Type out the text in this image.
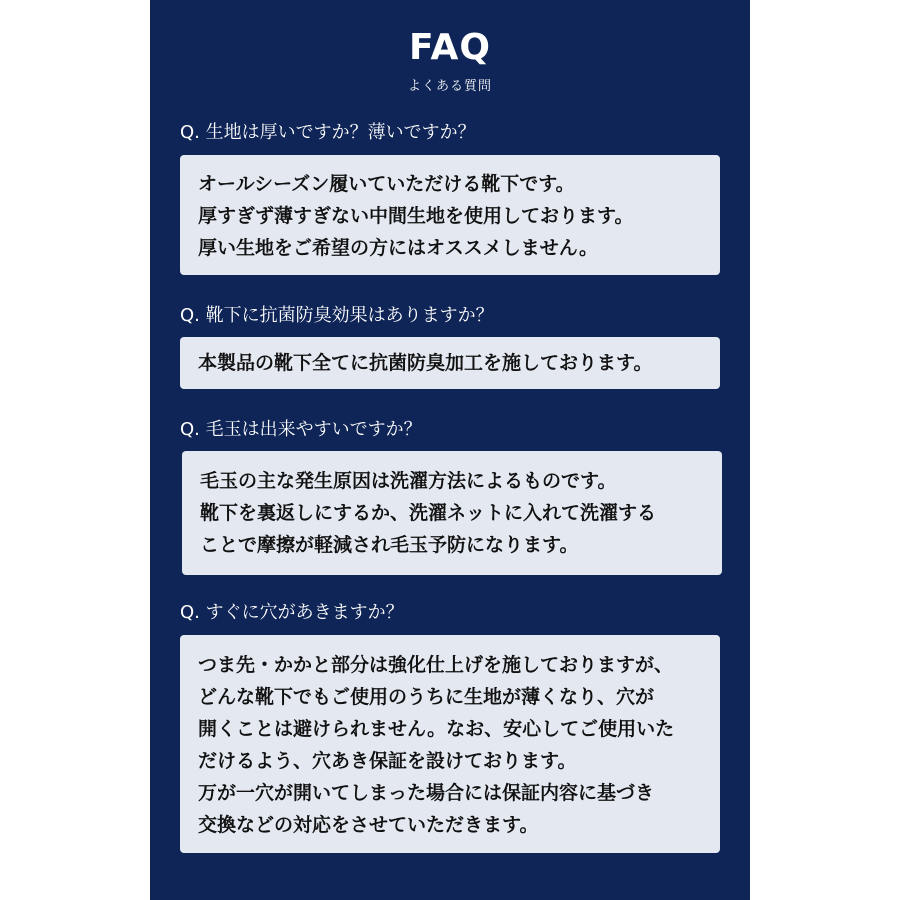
FAQ
よくある質問
Q. 生地は厚いですか？薄いですか？
オールシーズン履いていただける靴下です。
厚すぎず薄すぎない中間生地を使用しております。
厚い生地をご希望の方にはオススメしません。
Q. 靴下に抗菌防臭効果はありますか？
本製品の靴下全てに抗菌防臭加工を施しております。
Q. 毛玉は出来やすいですか？
毛玉の主な発生原因は洗濯方法によるものです。
靴下を裏返しにするか、洗濯ネットに入れて洗濯する
ことで摩擦が軽減され毛玉予防になります。
Q. すぐに穴があきますか？
つま先・かかと部分は強化仕上げを施しておりますが、
どんな靴下でもご使用のうちに生地が薄くなり、穴が
開くことは避けられません。なお、安心してご使用いた
だけるよう、穴あき保証を設けております。
万が一穴が開いてしまった場合には保証内容に基づき
交換などの対応をさせていただきます。
